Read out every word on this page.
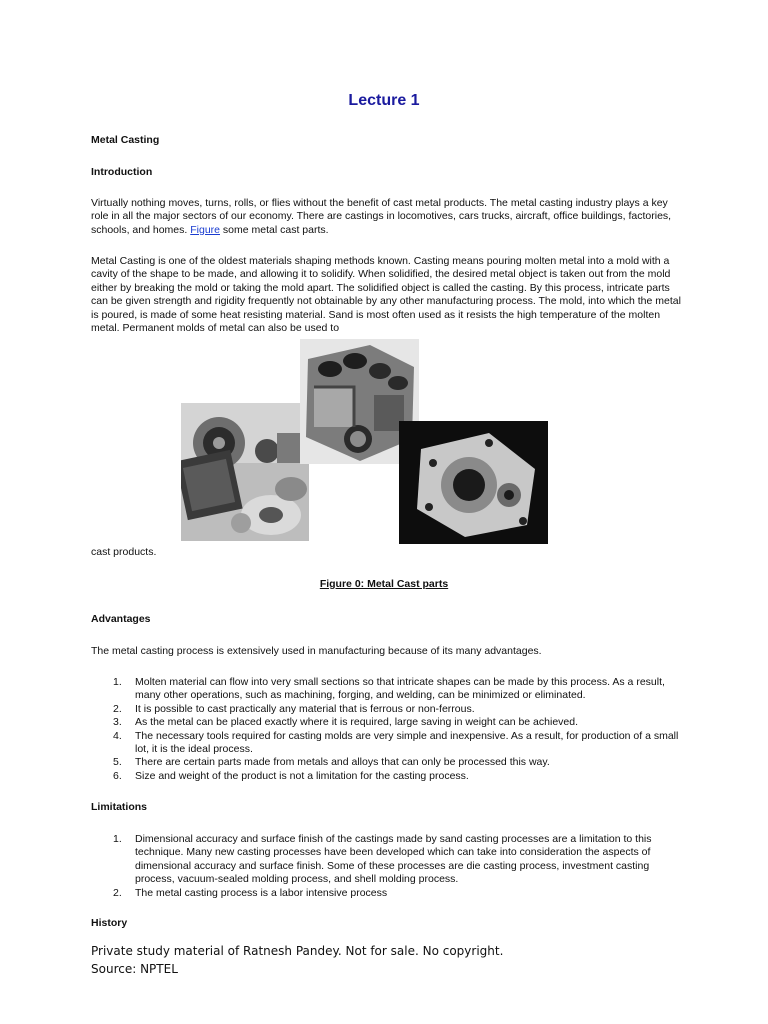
Lecture 1
Metal Casting
Introduction
Virtually nothing moves, turns, rolls, or flies without the benefit of cast metal products. The metal casting industry plays a key role in all the major sectors of our economy. There are castings in locomotives, cars trucks, aircraft, office buildings, factories, schools, and homes. Figure some metal cast parts.
Metal Casting is one of the oldest materials shaping methods known. Casting means pouring molten metal into a mold with a cavity of the shape to be made, and allowing it to solidify. When solidified, the desired metal object is taken out from the mold either by breaking the mold or taking the mold apart. The solidified object is called the casting. By this process, intricate parts can be given strength and rigidity frequently not obtainable by any other manufacturing process. The mold, into which the metal is poured, is made of some heat resisting material. Sand is most often used as it resists the high temperature of the molten metal. Permanent molds of metal can also be used to
cast products.
Figure 0: Metal Cast parts
Advantages
The metal casting process is extensively used in manufacturing because of its many advantages.
1. Molten material can flow into very small sections so that intricate shapes can be made by this process. As a result, many other operations, such as machining, forging, and welding, can be minimized or eliminated.
2. It is possible to cast practically any material that is ferrous or non-ferrous.
3. As the metal can be placed exactly where it is required, large saving in weight can be achieved.
4. The necessary tools required for casting molds are very simple and inexpensive. As a result, for production of a small lot, it is the ideal process.
5. There are certain parts made from metals and alloys that can only be processed this way.
6. Size and weight of the product is not a limitation for the casting process.
Limitations
1. Dimensional accuracy and surface finish of the castings made by sand casting processes are a limitation to this technique. Many new casting processes have been developed which can take into consideration the aspects of dimensional accuracy and surface finish. Some of these processes are die casting process, investment casting process, vacuum-sealed molding process, and shell molding process.
2. The metal casting process is a labor intensive process
History
Private study material of Ratnesh Pandey. Not for sale. No copyright.
Source: NPTEL
